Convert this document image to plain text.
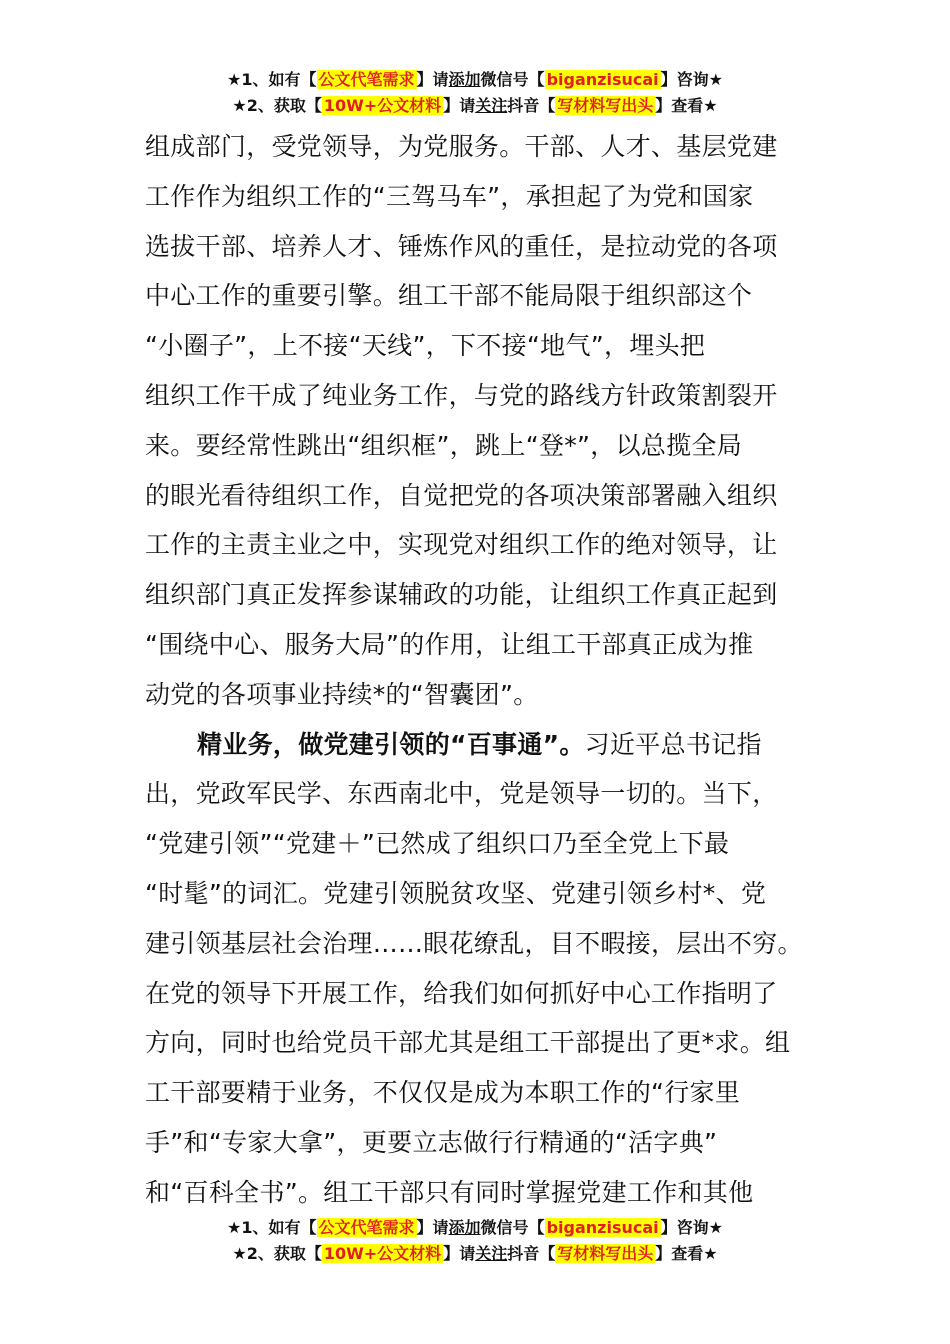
★1、如有【 公文代笔需求 】请添加微信号【 biganzisucai 】咨询★
★2、获取【 10W+公文材料 】请关注抖音【 写材料写出头 】查看★
组成部门，受党领导，为党服务。干部、人才、基层党建
工作作为组织工作的“三驾马车”，承担起了为党和国家
选拔干部、培养人才、锤炼作风的重任，是拉动党的各项
中心工作的重要引擎。组工干部不能局限于组织部这个
“小圈子”，上不接“天线”，下不接“地气”，埋头把
组织工作干成了纯业务工作，与党的路线方针政策割裂开
来。要经常性跳出“组织框”，跳上“登*”，以总揽全局
的眼光看待组织工作，自觉把党的各项决策部署融入组织
工作的主责主业之中，实现党对组织工作的绝对领导，让
组织部门真正发挥参谋辅政的功能，让组织工作真正起到
“围绕中心、服务大局”的作用，让组工干部真正成为推
动党的各项事业持续*的“智囊团”。
精业务，做党建引领的“百事通”。习近平总书记指
出，党政军民学、东西南北中，党是领导一切的。当下，
“党建引领”“党建＋”已然成了组织口乃至全党上下最
“时髦”的词汇。党建引领脱贫攻坚、党建引领乡村*、党
建引领基层社会治理……眼花缭乱，目不暇接，层出不穷。
在党的领导下开展工作，给我们如何抓好中心工作指明了
方向，同时也给党员干部尤其是组工干部提出了更*求。组
工干部要精于业务，不仅仅是成为本职工作的“行家里
手”和“专家大拿”，更要立志做行行精通的“活字典”
和“百科全书”。组工干部只有同时掌握党建工作和其他
★1、如有【 公文代笔需求 】请添加微信号【 biganzisucai 】咨询★
★2、获取【 10W+公文材料 】请关注抖音【 写材料写出头 】查看★
